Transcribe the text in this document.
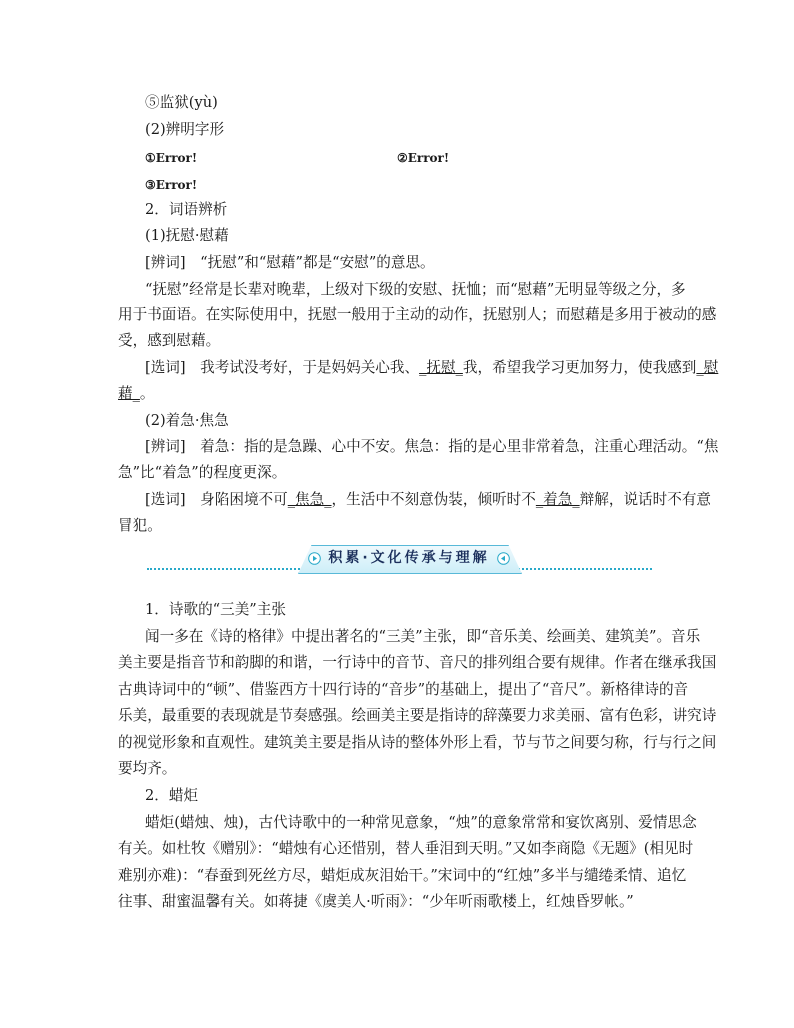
⑤监狱(yù)
(2)辨明字形
①Error!	②Error!
③Error!
2．词语辨析
(1)抚慰·慰藉
[辨词]　“抚慰”和“慰藉”都是“安慰”的意思。
“抚慰”经常是长辈对晚辈，上级对下级的安慰、抚恤；而“慰藉”无明显等级之分，多
用于书面语。在实际使用中，抚慰一般用于主动的动作，抚慰别人；而慰藉是多用于被动的感
受，感到慰藉。
[选词]　我考试没考好，于是妈妈关心我、_抚慰_我，希望我学习更加努力，使我感到_慰
藉_。
(2)着急·焦急
[辨词]　着急：指的是急躁、心中不安。焦急：指的是心里非常着急，注重心理活动。“焦
急”比“着急”的程度更深。
[选词]　身陷困境不可_焦急_，生活中不刻意伪装，倾听时不_着急_辩解，说话时不有意
冒犯。
积累·文化传承与理解
1．诗歌的“三美”主张
闻一多在《诗的格律》中提出著名的“三美”主张，即“音乐美、绘画美、建筑美”。音乐
美主要是指音节和韵脚的和谐，一行诗中的音节、音尺的排列组合要有规律。作者在继承我国
古典诗词中的“顿”、借鉴西方十四行诗的“音步”的基础上，提出了“音尺”。新格律诗的音
乐美，最重要的表现就是节奏感强。绘画美主要是指诗的辞藻要力求美丽、富有色彩，讲究诗
的视觉形象和直观性。建筑美主要是指从诗的整体外形上看，节与节之间要匀称，行与行之间
要均齐。
2．蜡炬
蜡炬(蜡烛、烛)，古代诗歌中的一种常见意象，“烛”的意象常常和宴饮离别、爱情思念
有关。如杜牧《赠别》：“蜡烛有心还惜别，替人垂泪到天明。”又如李商隐《无题》(相见时
难别亦难)：“春蚕到死丝方尽，蜡炬成灰泪始干。”宋词中的“红烛”多半与缱绻柔情、追忆
往事、甜蜜温馨有关。如蒋捷《虞美人·听雨》：“少年听雨歌楼上，红烛昏罗帐。”
